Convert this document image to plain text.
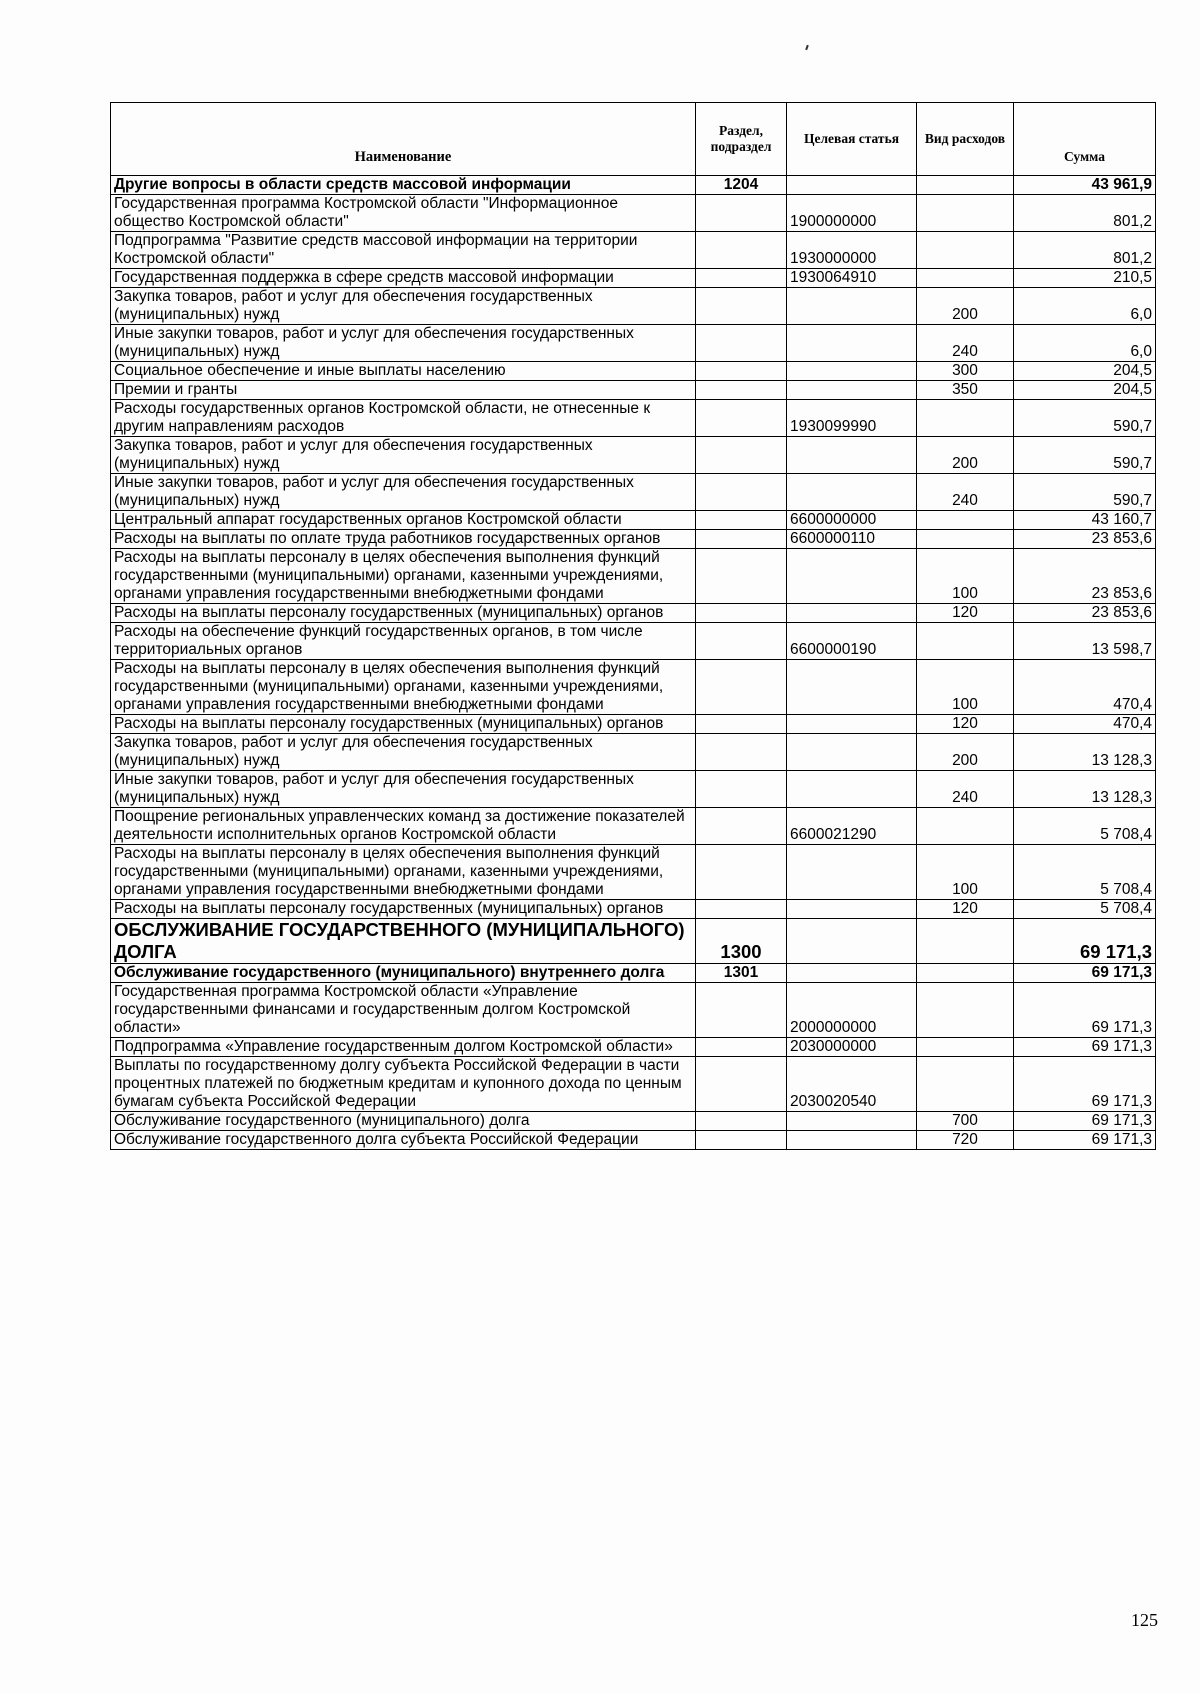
Наименование	Раздел, подраздел	Целевая статья	Вид расходов	Сумма
Другие вопросы в области средств массовой информации	1204			43 961,9
Государственная программа Костромской области "Информационное общество Костромской области"		1900000000		801,2
Подпрограмма "Развитие средств массовой информации на территории Костромской области"		1930000000		801,2
Государственная поддержка в сфере средств массовой информации		1930064910		210,5
Закупка товаров, работ и услуг для обеспечения государственных (муниципальных) нужд			200	6,0
Иные закупки товаров, работ и услуг для обеспечения государственных (муниципальных) нужд			240	6,0
Социальное обеспечение и иные выплаты населению			300	204,5
Премии и гранты			350	204,5
Расходы государственных органов Костромской области, не отнесенные к другим направлениям расходов		1930099990		590,7
Закупка товаров, работ и услуг для обеспечения государственных (муниципальных) нужд			200	590,7
Иные закупки товаров, работ и услуг для обеспечения государственных (муниципальных) нужд			240	590,7
Центральный аппарат государственных органов Костромской области		6600000000		43 160,7
Расходы на выплаты по оплате труда работников государственных органов		6600000110		23 853,6
Расходы на выплаты персоналу в целях обеспечения выполнения функций государственными (муниципальными) органами, казенными учреждениями, органами управления государственными внебюджетными фондами			100	23 853,6
Расходы на выплаты персоналу государственных (муниципальных) органов			120	23 853,6
Расходы на обеспечение функций государственных органов, в том числе территориальных органов		6600000190		13 598,7
Расходы на выплаты персоналу в целях обеспечения выполнения функций государственными (муниципальными) органами, казенными учреждениями, органами управления государственными внебюджетными фондами			100	470,4
Расходы на выплаты персоналу государственных (муниципальных) органов			120	470,4
Закупка товаров, работ и услуг для обеспечения государственных (муниципальных) нужд			200	13 128,3
Иные закупки товаров, работ и услуг для обеспечения государственных (муниципальных) нужд			240	13 128,3
Поощрение региональных управленческих команд за достижение показателей деятельности исполнительных органов Костромской области		6600021290		5 708,4
Расходы на выплаты персоналу в целях обеспечения выполнения функций государственными (муниципальными) органами, казенными учреждениями, органами управления государственными внебюджетными фондами			100	5 708,4
Расходы на выплаты персоналу государственных (муниципальных) органов			120	5 708,4
ОБСЛУЖИВАНИЕ ГОСУДАРСТВЕННОГО (МУНИЦИПАЛЬНОГО) ДОЛГА	1300			69 171,3
Обслуживание государственного (муниципального) внутреннего долга	1301			69 171,3
Государственная программа Костромской области «Управление государственными финансами и государственным долгом Костромской области»		2000000000		69 171,3
Подпрограмма «Управление государственным долгом Костромской области»		2030000000		69 171,3
Выплаты по государственному долгу субъекта Российской Федерации в части процентных платежей по бюджетным кредитам и купонного дохода по ценным бумагам субъекта Российской Федерации		2030020540		69 171,3
Обслуживание государственного (муниципального) долга			700	69 171,3
Обслуживание государственного долга субъекта Российской Федерации			720	69 171,3
125
